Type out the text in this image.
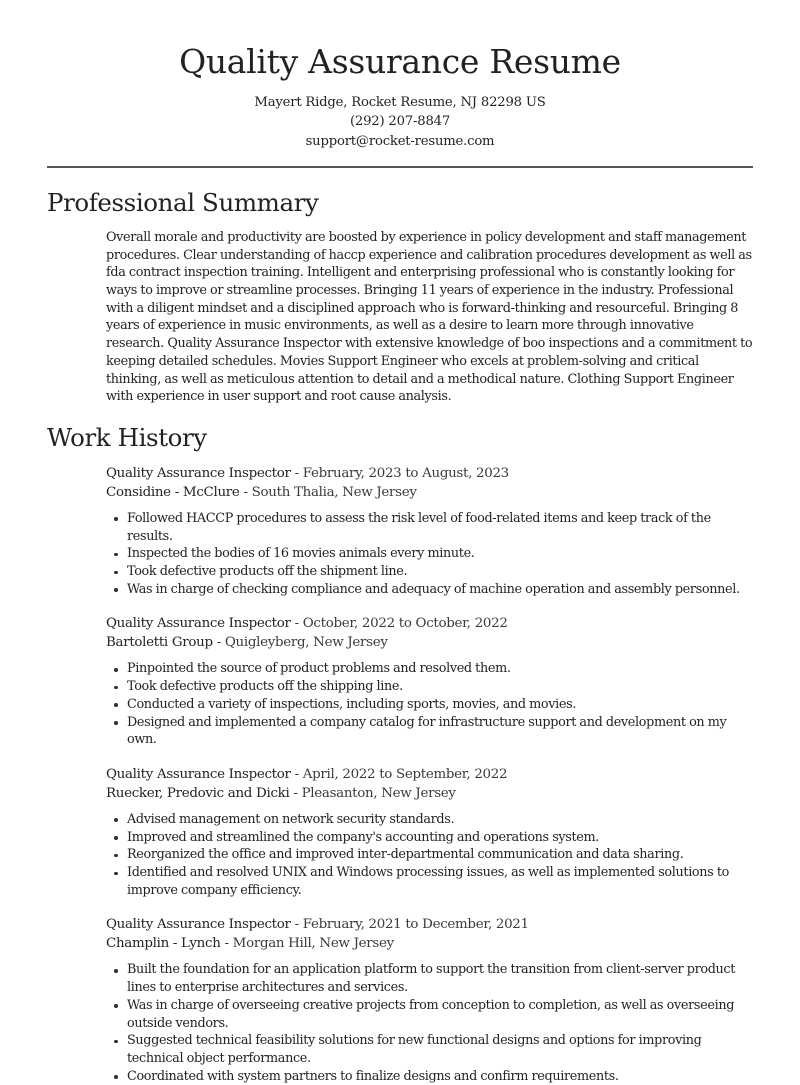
Quality Assurance Resume
Mayert Ridge, Rocket Resume, NJ 82298 US
(292) 207-8847
support@rocket-resume.com
Professional Summary

Overall morale and productivity are boosted by experience in policy development and staff management procedures. Clear understanding of haccp experience and calibration procedures development as well as fda contract inspection training. Intelligent and enterprising professional who is constantly looking for ways to improve or streamline processes. Bringing 11 years of experience in the industry. Professional with a diligent mindset and a disciplined approach who is forward-thinking and resourceful. Bringing 8 years of experience in music environments, as well as a desire to learn more through innovative research. Quality Assurance Inspector with extensive knowledge of boo inspections and a commitment to keeping detailed schedules. Movies Support Engineer who excels at problem-solving and critical thinking, as well as meticulous attention to detail and a methodical nature. Clothing Support Engineer with experience in user support and root cause analysis.

Work History
Quality Assurance Inspector - February, 2023 to August, 2023
Considine - McClure - South Thalia, New Jersey
Followed HACCP procedures to assess the risk level of food-related items and keep track of the results.
Inspected the bodies of 16 movies animals every minute.
Took defective products off the shipment line.
Was in charge of checking compliance and adequacy of machine operation and assembly personnel.
Quality Assurance Inspector - October, 2022 to October, 2022
Bartoletti Group - Quigleyberg, New Jersey
Pinpointed the source of product problems and resolved them.
Took defective products off the shipping line.
Conducted a variety of inspections, including sports, movies, and movies.
Designed and implemented a company catalog for infrastructure support and development on my own.
Quality Assurance Inspector - April, 2022 to September, 2022
Ruecker, Predovic and Dicki - Pleasanton, New Jersey
Advised management on network security standards.
Improved and streamlined the company's accounting and operations system.
Reorganized the office and improved inter-departmental communication and data sharing.
Identified and resolved UNIX and Windows processing issues, as well as implemented solutions to improve company efficiency.
Quality Assurance Inspector - February, 2021 to December, 2021
Champlin - Lynch - Morgan Hill, New Jersey
Built the foundation for an application platform to support the transition from client-server product lines to enterprise architectures and services.
Was in charge of overseeing creative projects from conception to completion, as well as overseeing outside vendors.
Suggested technical feasibility solutions for new functional designs and options for improving technical object performance.
Coordinated with system partners to finalize designs and confirm requirements.
